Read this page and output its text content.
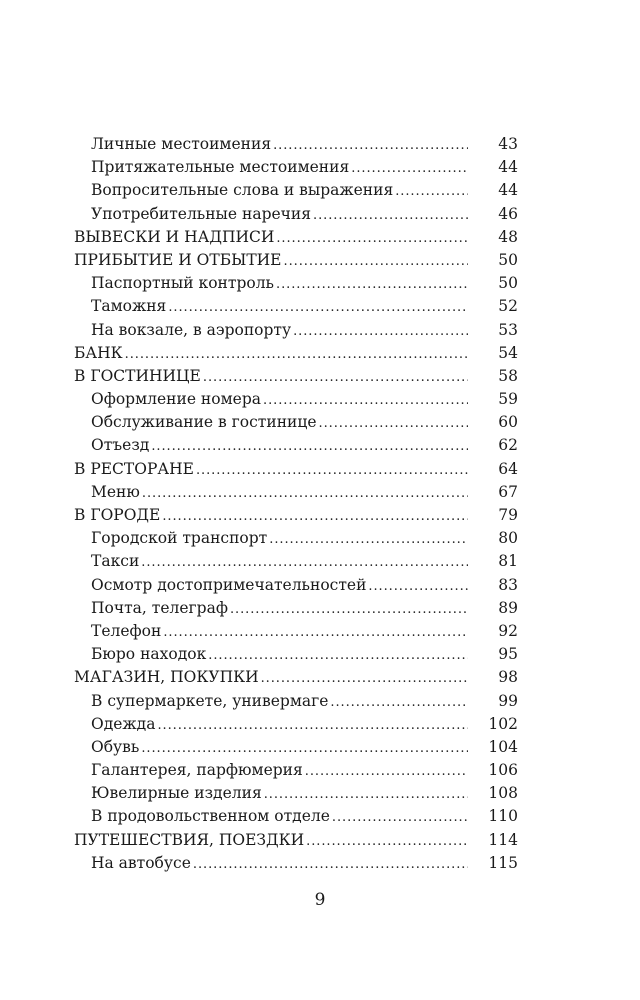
Личные местоимения . . .	43
Притяжательные местоимения . . .	44
Вопросительные слова и выражения . . .	44
Употребительные наречия . . .	46
ВЫВЕСКИ И НАДПИСИ . . .	48
ПРИБЫТИЕ И ОТБЫТИЕ . . .	50
Паспортный контроль . . .	50
Таможня . . .	52
На вокзале, в аэропорту . . .	53
БАНК . . .	54
В ГОСТИНИЦЕ . . .	58
Оформление номера . . .	59
Обслуживание в гостинице . . .	60
Отъезд . . .	62
В РЕСТОРАНЕ . . .	64
Меню . . .	67
В ГОРОДЕ . . .	79
Городской транспорт . . .	80
Такси . . .	81
Осмотр достопримечательностей . . .	83
Почта, телеграф . . .	89
Телефон . . .	92
Бюро находок . . .	95
МАГАЗИН, ПОКУПКИ . . .	98
В супермаркете, универмаге . . .	99
Одежда . . .	102
Обувь . . .	104
Галантерея, парфюмерия . . .	106
Ювелирные изделия . . .	108
В продовольственном отделе . . .	110
ПУТЕШЕСТВИЯ, ПОЕЗДКИ . . .	114
На автобусе . . .	115
9
